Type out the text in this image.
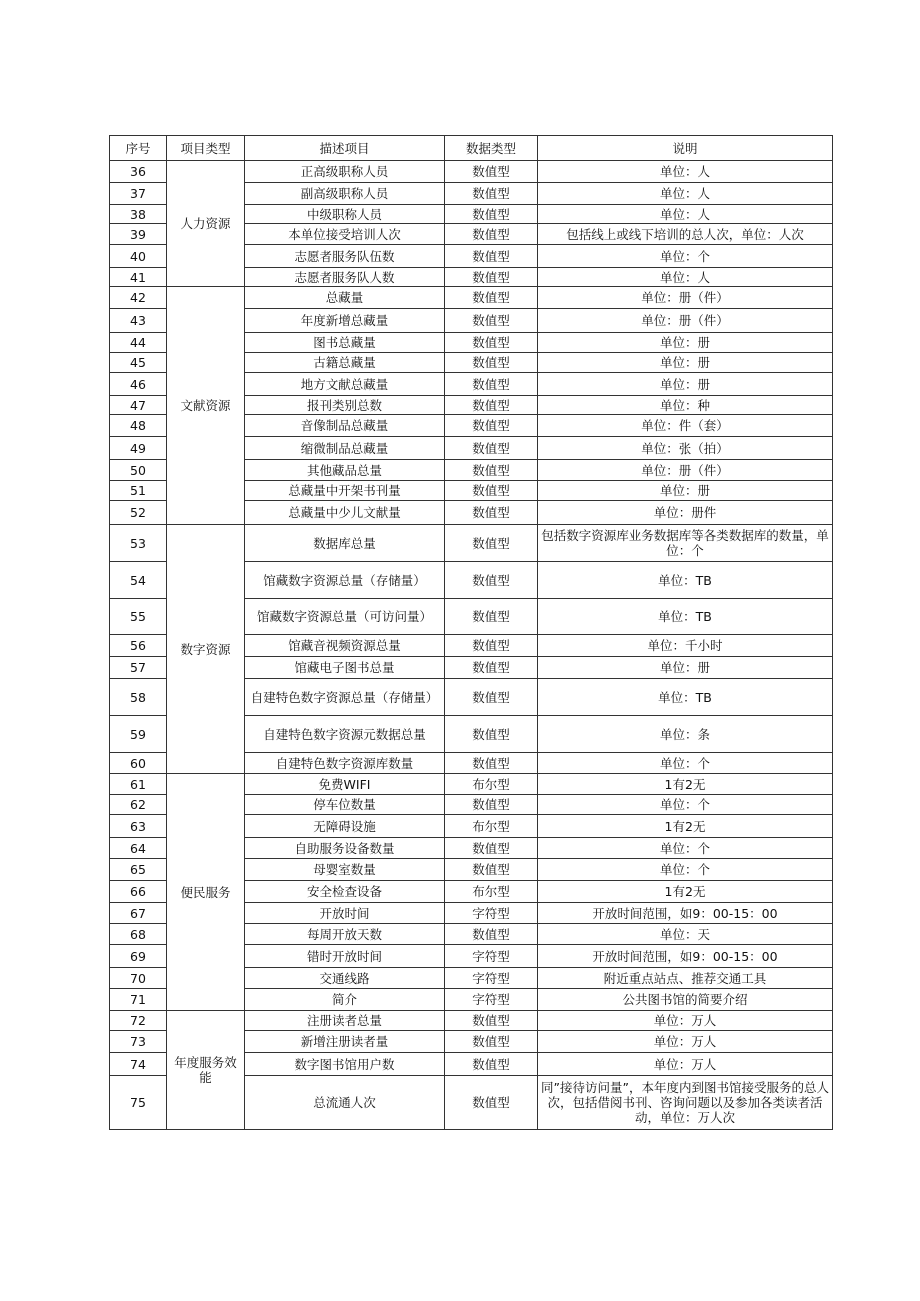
序号	项目类型	描述项目	数据类型	说明
36	人力资源	正高级职称人员	数值型	单位：人
37		副高级职称人员	数值型	单位：人
38		中级职称人员	数值型	单位：人
39		本单位接受培训人次	数值型	包括线上或线下培训的总人次，单位：人次
40		志愿者服务队伍数	数值型	单位：个
41		志愿者服务队人数	数值型	单位：人
42	文献资源	总藏量	数值型	单位：册（件）
43		年度新增总藏量	数值型	单位：册（件）
44		图书总藏量	数值型	单位：册
45		古籍总藏量	数值型	单位：册
46		地方文献总藏量	数值型	单位：册
47		报刊类别总数	数值型	单位：种
48		音像制品总藏量	数值型	单位：件（套）
49		缩微制品总藏量	数值型	单位：张（拍）
50		其他藏品总量	数值型	单位：册（件）
51		总藏量中开架书刊量	数值型	单位：册
52		总藏量中少儿文献量	数值型	单位：册件
53	数字资源	数据库总量	数值型	包括数字资源库业务数据库等各类数据库的数量，单位：个
54		馆藏数字资源总量（存储量）	数值型	单位：TB
55		馆藏数字资源总量（可访问量）	数值型	单位：TB
56		馆藏音视频资源总量	数值型	单位：千小时
57		馆藏电子图书总量	数值型	单位：册
58		自建特色数字资源总量（存储量）	数值型	单位：TB
59		自建特色数字资源元数据总量	数值型	单位：条
60		自建特色数字资源库数量	数值型	单位：个
61	便民服务	免费WIFI	布尔型	1有2无
62		停车位数量	数值型	单位：个
63		无障碍设施	布尔型	1有2无
64		自助服务设备数量	数值型	单位：个
65		母婴室数量	数值型	单位：个
66		安全检查设备	布尔型	1有2无
67		开放时间	字符型	开放时间范围，如9：00-15：00
68		每周开放天数	数值型	单位：天
69		错时开放时间	字符型	开放时间范围，如9：00-15：00
70		交通线路	字符型	附近重点站点、推荐交通工具
71		简介	字符型	公共图书馆的简要介绍
72	年度服务效能	注册读者总量	数值型	单位：万人
73		新增注册读者量	数值型	单位：万人
74		数字图书馆用户数	数值型	单位：万人
75		总流通人次	数值型	同”接待访问量”，本年度内到图书馆接受服务的总人次，包括借阅书刊、咨询问题以及参加各类读者活动，单位：万人次
